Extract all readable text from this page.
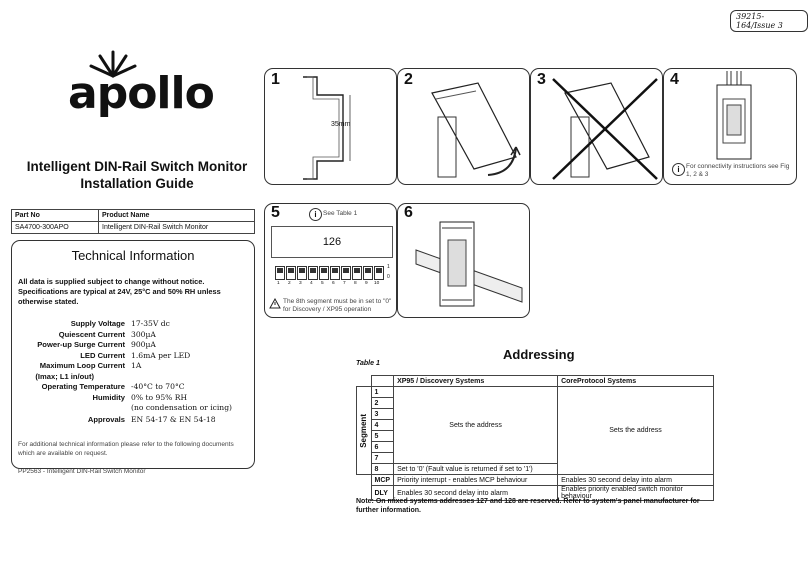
39215-164/Issue 3
apollo
Intelligent DIN-Rail Switch Monitor
Installation Guide
Part No	Product Name
SA4700-300APO	Intelligent DIN-Rail Switch Monitor
Technical Information
All data is supplied subject to change without notice. Specifications are typical at 24V, 25°C and 50% RH unless otherwise stated.
Supply Voltage 17-35V dc
Quiescent Current 300µA
Power-up Surge Current 900µA
LED Current 1.6mA per LED
Maximum Loop Current 1A
(Imax; L1 in/out)
Operating Temperature -40°C to 70°C
Humidity 0% to 95% RH
(no condensation or icing)
Approvals EN 54-17 & EN 54-18
For additional technical information please refer to the following documents which are available on request.
PP2563 - Intelligent DIN-Rail Switch Monitor
1
35mm
2	3	4
i For connectivity instructions see Fig 1, 2 & 3
5	i See Table 1
126
1
0
1 2 3 4 5 6 7 8 9 10
The 8th segment must be in set to "0" for Discovery / XP95 operation
6
Addressing
Table 1
		XP95 / Discovery Systems	CoreProtocol Systems

Segment	1	Sets the address	Sets the address
	2		
	3		
	4		
	5		
	6		
	7		
	8	Set to '0' (Fault value is returned if set to '1')	
	MCP	Priority interrupt - enables MCP behaviour	Enables 30 second delay into alarm
	DLY	Enables 30 second delay into alarm	Enables priority enabled switch monitor behaviour
Note: On mixed systems addresses 127 and 128 are reserved. Refer to system's panel manufacturer for further information.
